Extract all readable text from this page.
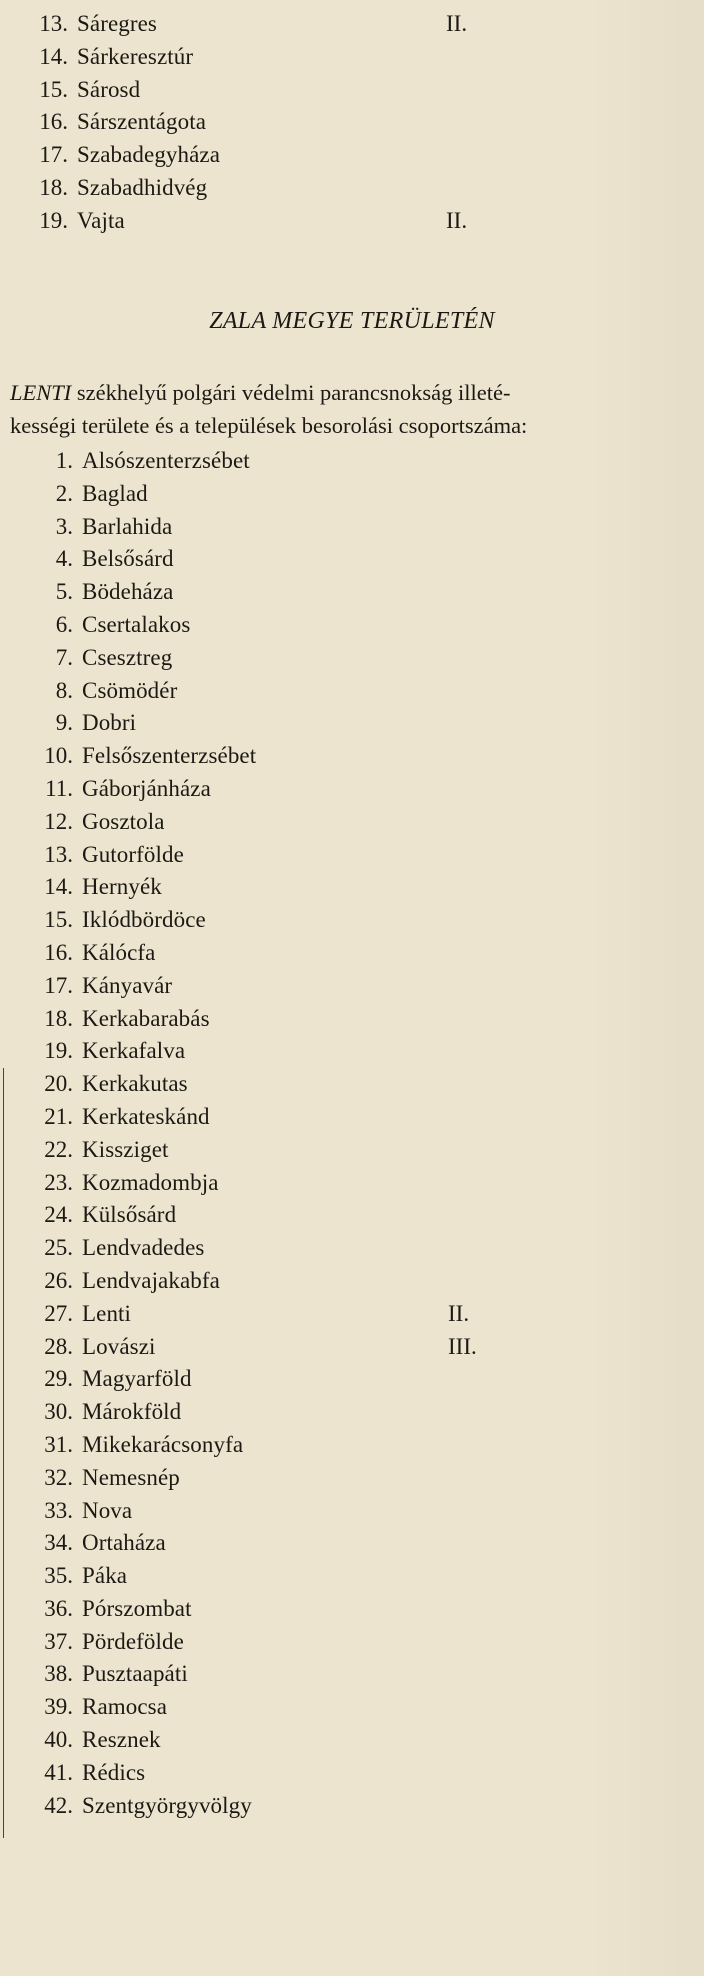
13. Sáregres	II.
14. Sárkeresztúr
15. Sárosd
16. Sárszentágota
17. Szabadegyháza
18. Szabadhidvég
19. Vajta	II.
ZALA MEGYE TERÜLETÉN
LENTI székhelyű polgári védelmi parancsnokság illeté-
kességi területe és a települések besorolási csoportszáma:
1. Alsószenterzsébet
2. Baglad
3. Barlahida
4. Belsősárd
5. Bödeháza
6. Csertalakos
7. Csesztreg
8. Csömödér
9. Dobri
10. Felsőszenterzsébet
11. Gáborjánháza
12. Gosztola
13. Gutorfölde
14. Hernyék
15. Iklódbördöce
16. Kálócfa
17. Kányavár
18. Kerkabarabás
19. Kerkafalva
20. Kerkakutas
21. Kerkateskánd
22. Kissziget
23. Kozmadombja
24. Külsősárd
25. Lendvadedes
26. Lendvajakabfa
27. Lenti	II.
28. Lovászi	III.
29. Magyarföld
30. Márokföld
31. Mikekarácsonyfa
32. Nemesnép
33. Nova
34. Ortaháza
35. Páka
36. Pórszombat
37. Pördefölde
38. Pusztaapáti
39. Ramocsa
40. Resznek
41. Rédics
42. Szentgyörgyvölgy
